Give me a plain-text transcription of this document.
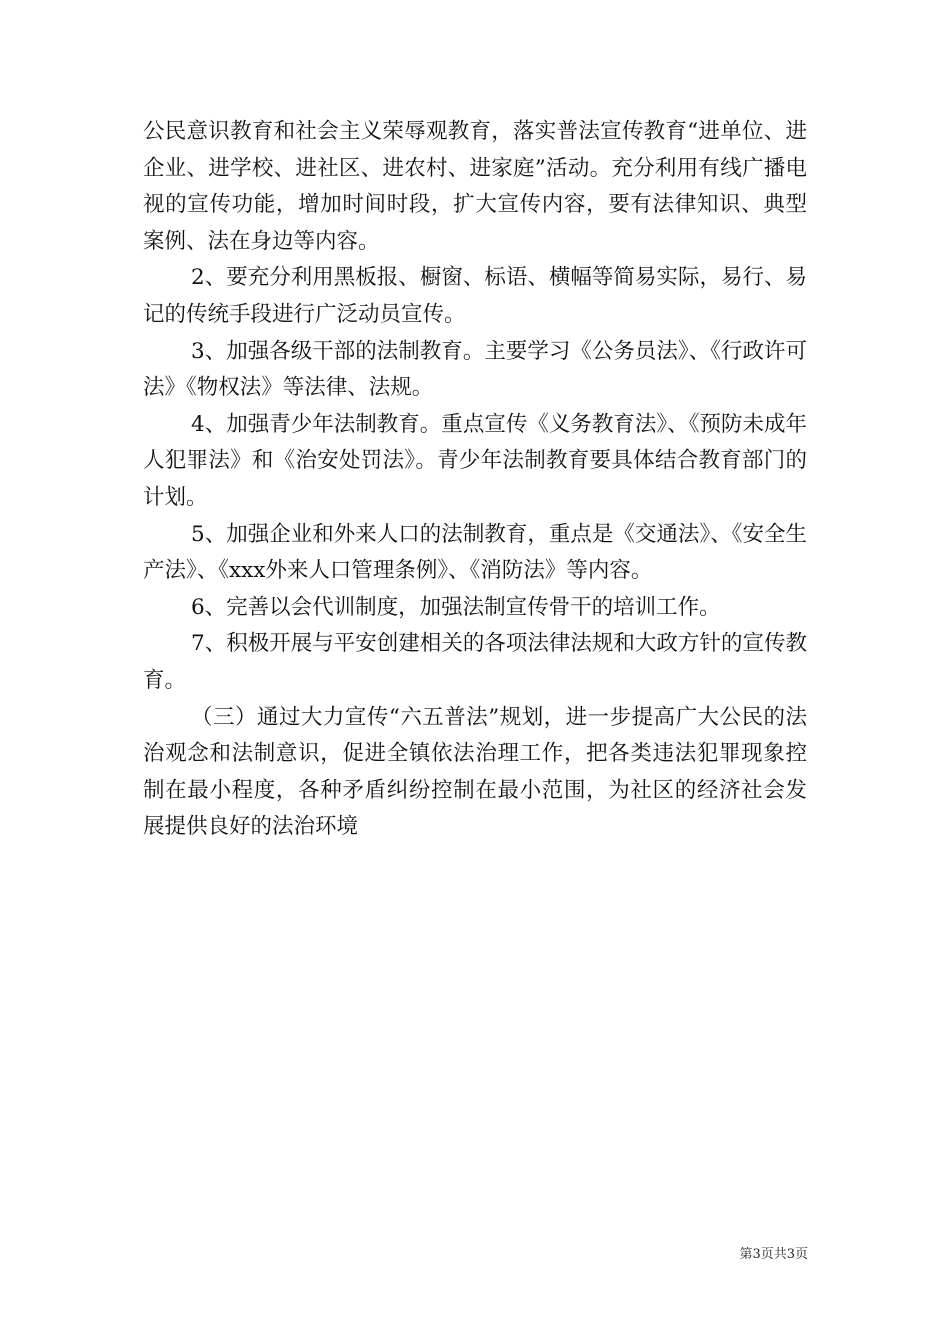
公民意识教育和社会主义荣辱观教育，落实普法宣传教育“进单位、进企业、进学校、进社区、进农村、进家庭”活动。充分利用有线广播电视的宣传功能，增加时间时段，扩大宣传内容，要有法律知识、典型案例、法在身边等内容。

2、要充分利用黑板报、橱窗、标语、横幅等简易实际，易行、易记的传统手段进行广泛动员宣传。

3、加强各级干部的法制教育。主要学习《公务员法》、《行政许可法》《物权法》等法律、法规。

4、加强青少年法制教育。重点宣传《义务教育法》、《预防未成年人犯罪法》和《治安处罚法》。青少年法制教育要具体结合教育部门的计划。

5、加强企业和外来人口的法制教育，重点是《交通法》、《安全生产法》、《xxx外来人口管理条例》、《消防法》等内容。

6、完善以会代训制度，加强法制宣传骨干的培训工作。

7、积极开展与平安创建相关的各项法律法规和大政方针的宣传教育。

（三）通过大力宣传“六五普法”规划，进一步提高广大公民的法治观念和法制意识，促进全镇依法治理工作，把各类违法犯罪现象控制在最小程度，各种矛盾纠纷控制在最小范围，为社区的经济社会发展提供良好的法治环境

第3页共3页
